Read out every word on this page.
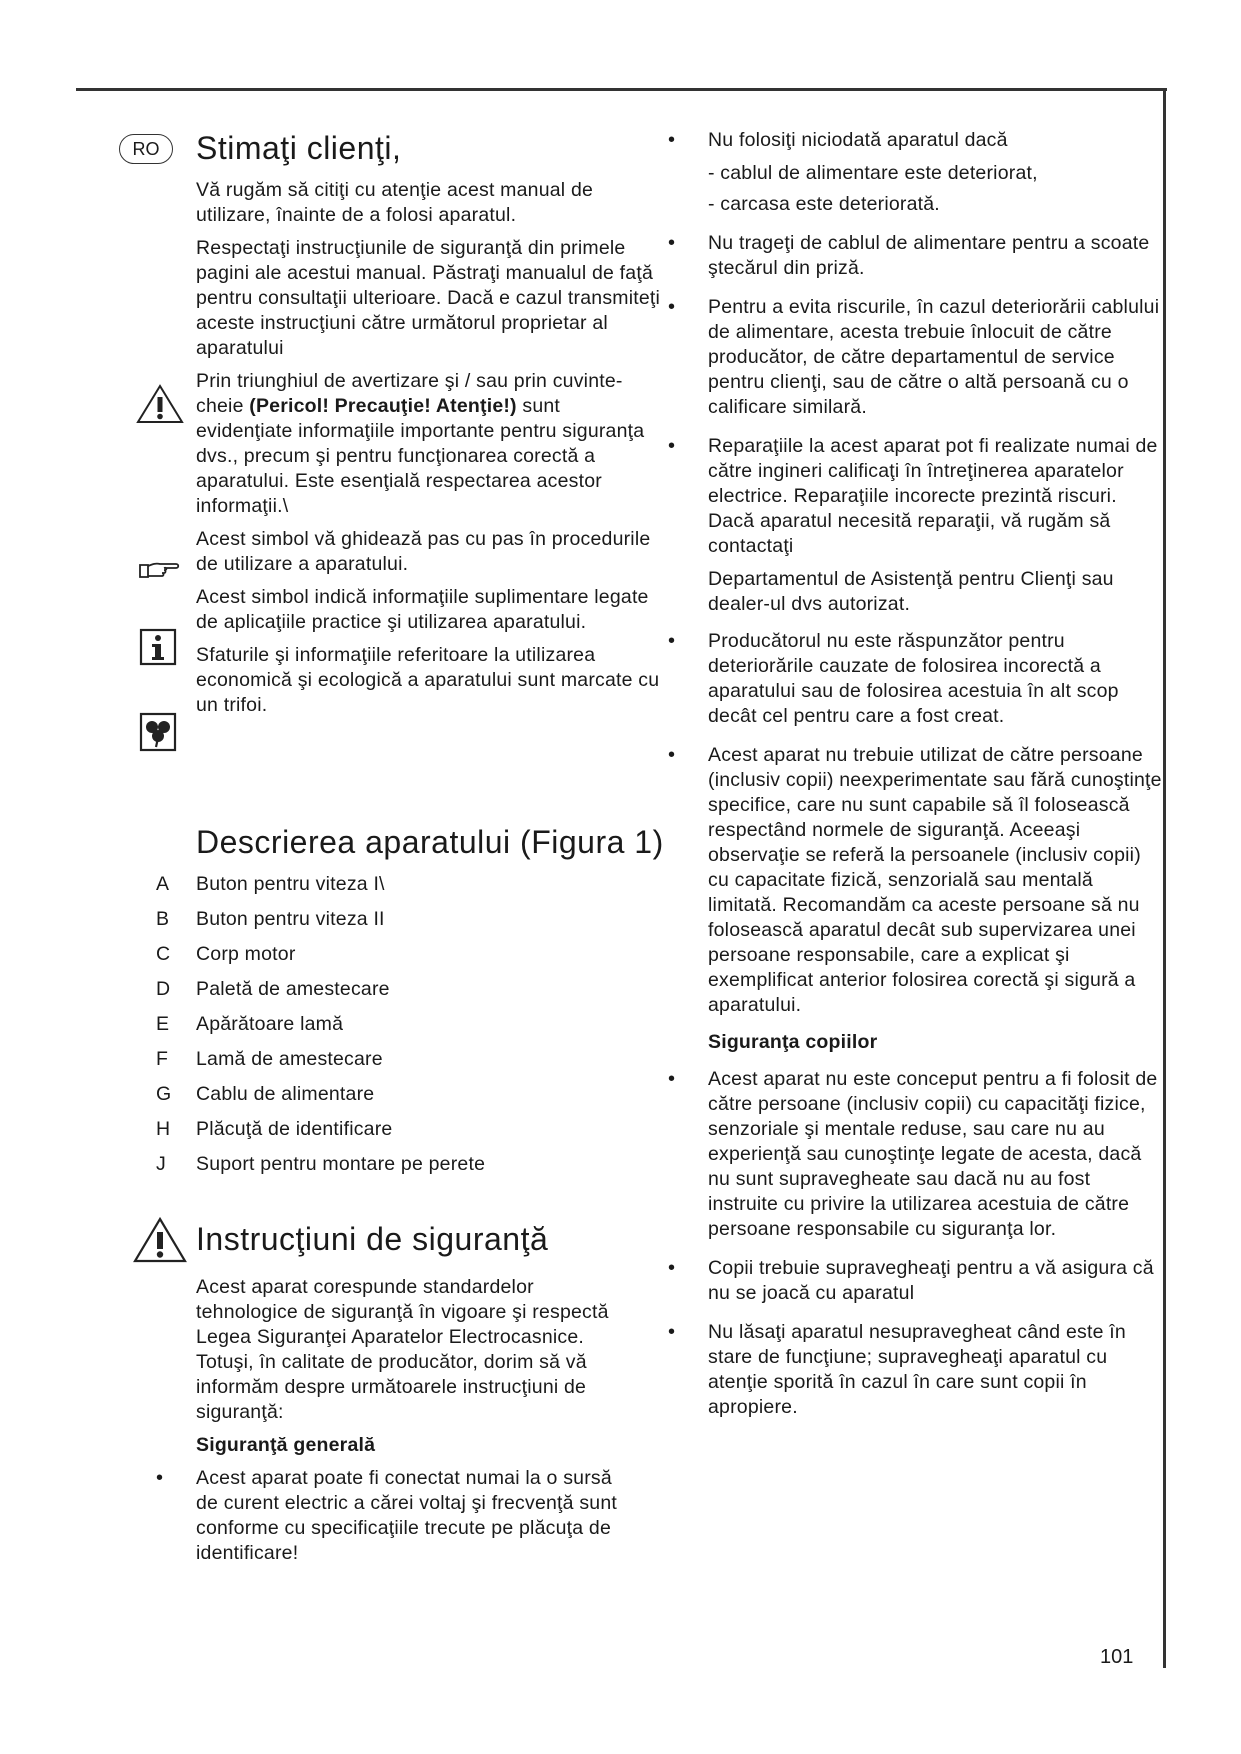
RO	Stimaţi clienţi,

Vă rugăm să citiţi cu atenţie acest manual de utilizare, înainte de a folosi aparatul.

Respectaţi instrucţiunile de siguranţă din primele pagini ale acestui manual. Păstraţi manualul de faţă pentru consultaţii ulterioare. Dacă e cazul transmiteţi aceste instrucţiuni către următorul proprietar al aparatului

Prin triunghiul de avertizare şi / sau prin cuvinte-cheie (Pericol! Precauţie! Atenţie!) sunt evidenţiate informaţiile importante pentru siguranţa dvs., precum şi pentru funcţionarea corectă a aparatului. Este esenţială respectarea acestor informaţii.\

Acest simbol vă ghidează pas cu pas în procedurile de utilizare a aparatului.

Acest simbol indică informaţiile suplimentare legate de aplicaţiile practice şi utilizarea aparatului.

Sfaturile şi informaţiile referitoare la utilizarea economică şi ecologică a aparatului sunt marcate cu un trifoi.

Descrierea aparatului (Figura 1)
A Buton pentru viteza I\
B Buton pentru viteza II
C Corp motor
D Paletă de amestecare
E Apărătoare lamă
F Lamă de amestecare
G Cablu de alimentare
H Plăcuţă de identificare
J Suport pentru montare pe perete
Instrucţiuni de siguranţă

Acest aparat corespunde standardelor tehnologice de siguranţă în vigoare şi respectă Legea Siguranţei Aparatelor Electrocasnice. Totuşi, în calitate de producător, dorim să vă informăm despre următoarele instrucţiuni de siguranţă:

Siguranţă generală

• Acest aparat poate fi conectat numai la o sursă de curent electric a cărei voltaj şi frecvenţă sunt conforme cu specificaţiile trecute pe plăcuţa de identificare!

• Nu folosiţi niciodată aparatul dacă
- cablul de alimentare este deteriorat,
- carcasa este deteriorată.

• Nu trageţi de cablul de alimentare pentru a scoate ştecărul din priză.

• Pentru a evita riscurile, în cazul deteriorării cablului de alimentare, acesta trebuie înlocuit de către producător, de către departamentul de service pentru clienţi, sau de către o altă persoană cu o calificare similară.

• Reparaţiile la acest aparat pot fi realizate numai de către ingineri calificaţi în întreţinerea aparatelor electrice. Reparaţiile incorecte prezintă riscuri. Dacă aparatul necesită reparaţii, vă rugăm să contactaţi

Departamentul de Asistenţă pentru Clienţi sau dealer-ul dvs autorizat.

• Producătorul nu este răspunzător pentru deteriorările cauzate de folosirea incorectă a aparatului sau de folosirea acestuia în alt scop decât cel pentru care a fost creat.

• Acest aparat nu trebuie utilizat de către persoane (inclusiv copii) neexperimentate sau fără cunoştinţe specifice, care nu sunt capabile să îl folosească respectând normele de siguranţă. Aceeaşi observaţie se referă la persoanele (inclusiv copii) cu capacitate fizică, senzorială sau mentală limitată. Recomandăm ca aceste persoane să nu folosească aparatul decât sub supervizarea unei persoane responsabile, care a explicat şi exemplificat anterior folosirea corectă şi sigură a aparatului.

Siguranţa copiilor

• Acest aparat nu este conceput pentru a fi folosit de către persoane (inclusiv copii) cu capacităţi fizice, senzoriale şi mentale reduse, sau care nu au experienţă sau cunoştinţe legate de acesta, dacă nu sunt supravegheate sau dacă nu au fost instruite cu privire la utilizarea acestuia de către persoane responsabile cu siguranţa lor.

• Copii trebuie supravegheaţi pentru a vă asigura că nu se joacă cu aparatul

• Nu lăsaţi aparatul nesupravegheat când este în stare de funcţiune; supravegheaţi aparatul cu atenţie sporită în cazul în care sunt copii în apropiere.

101
